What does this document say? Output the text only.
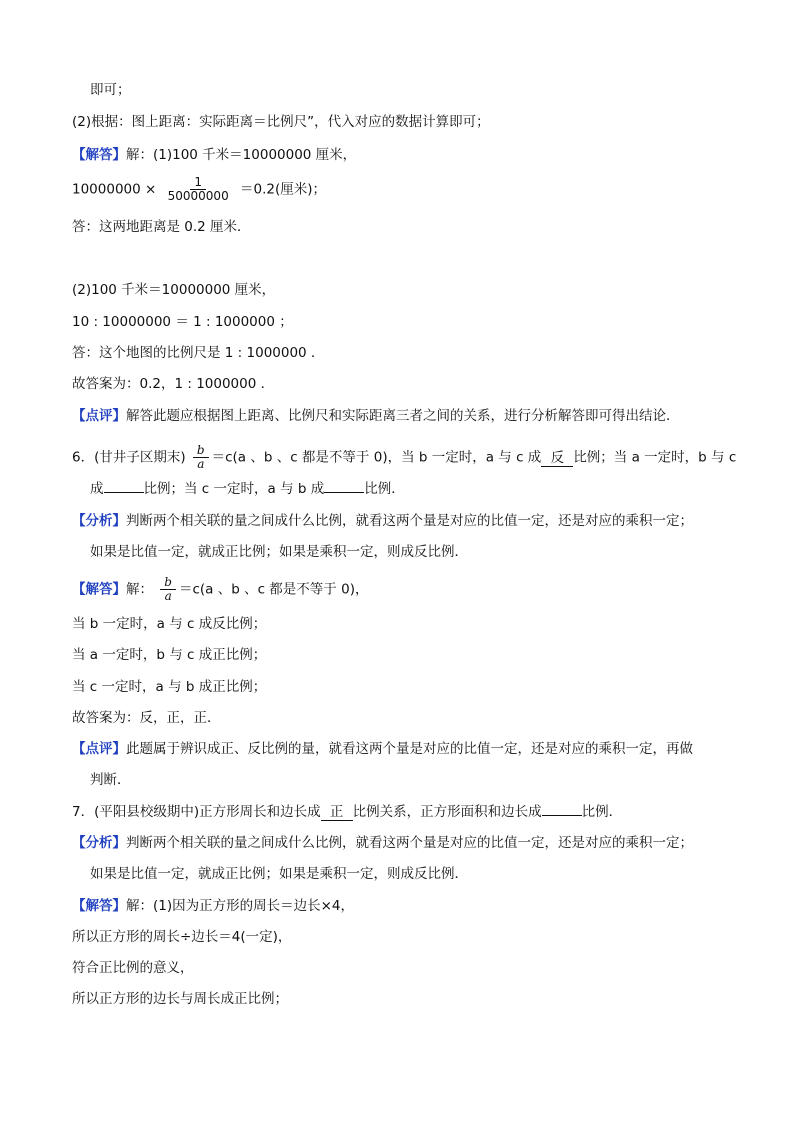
即可；
(2)根据：图上距离：实际距离＝比例尺”，代入对应的数据计算即可；
【解答】解：(1)100 千米＝10000000 厘米，
$10000000 \times \frac{1}{50000000} =0.2$(厘米)；
答：这两地距离是 0.2 厘米．
(2)100 千米＝10000000 厘米，
10 : 10000000 ＝ 1 : 1000000 ；
答：这个地图的比例尺是 1 : 1000000 ．
故答案为：0.2，1 : 1000000 ．
【点评】解答此题应根据图上距离、比例尺和实际距离三者之间的关系，进行分析解答即可得出结论．
6．(甘井子区期末) $\frac{b}{a} =c(a$ 、b 、c 都是不等于 0)，当 b 一定时，a 与 c 成 反 比例；当 a 一定时，b 与 c
成	比例；当 c 一定时，a 与 b 成	比例．
【分析】判断两个相关联的量之间成什么比例，就看这两个量是对应的比值一定，还是对应的乘积一定；
如果是比值一定，就成正比例；如果是乘积一定，则成反比例．
【解答】解： $\frac{b}{a} =c(a$ 、b 、c 都是不等于 0)，
当 b 一定时，a 与 c 成反比例；
当 a 一定时，b 与 c 成正比例；
当 c 一定时，a 与 b 成正比例；
故答案为：反，正，正．
【点评】此题属于辨识成正、反比例的量，就看这两个量是对应的比值一定，还是对应的乘积一定，再做
判断．
7．(平阳县校级期中)正方形周长和边长成 正 比例关系，正方形面积和边长成	比例．
【分析】判断两个相关联的量之间成什么比例，就看这两个量是对应的比值一定，还是对应的乘积一定；
如果是比值一定，就成正比例；如果是乘积一定，则成反比例．
【解答】解：(1)因为正方形的周长＝边长×4，
所以正方形的周长÷边长＝4(一定)，
符合正比例的意义，
所以正方形的边长与周长成正比例；
